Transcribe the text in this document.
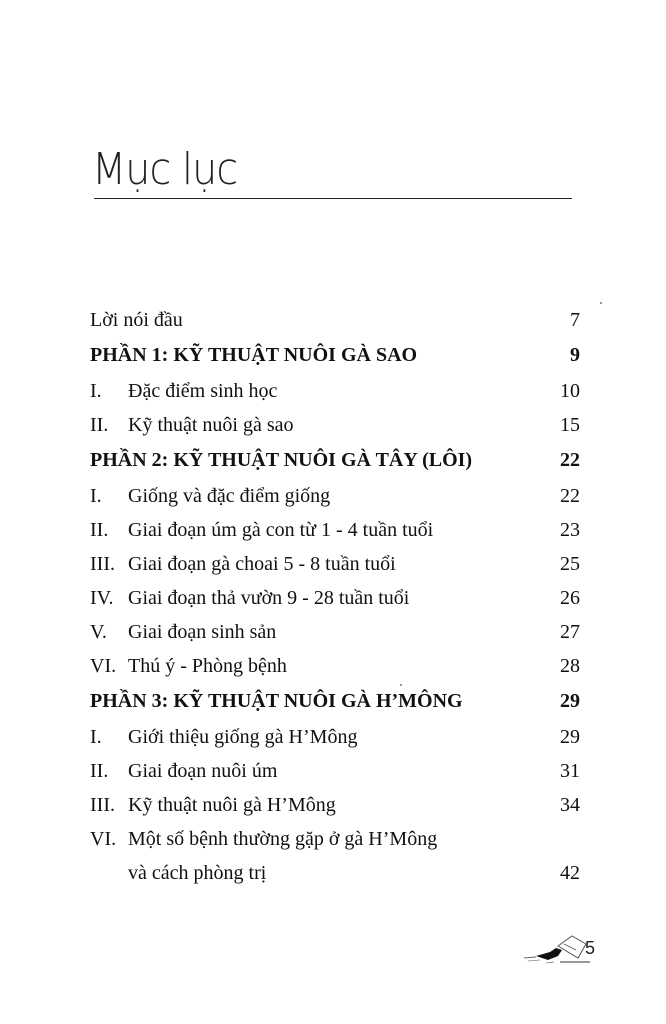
Mục lục
Lời nói đầu	7
PHẦN 1: KỸ THUẬT NUÔI GÀ SAO	9
I.	Đặc điểm sinh học	10
II. Kỹ thuật nuôi gà sao	15
PHẦN 2: KỸ THUẬT NUÔI GÀ TÂY (LÔI)	22
I.	Giống và đặc điểm giống	22
II. Giai đoạn úm gà con từ 1 - 4 tuần tuổi	23
III. Giai đoạn gà choai 5 - 8 tuần tuổi	25
IV. Giai đoạn thả vườn 9 - 28 tuần tuổi	26
V.	Giai đoạn sinh sản	27
VI. Thú ý - Phòng bệnh	28
PHẦN 3: KỸ THUẬT NUÔI GÀ H’MÔNG	29
I.	Giới thiệu giống gà H’Mông	29
II. Giai đoạn nuôi úm	31
III. Kỹ thuật nuôi gà H’Mông	34
VI. Một số bệnh thường gặp ở gà H’Mông
và cách phòng trị	42
5
